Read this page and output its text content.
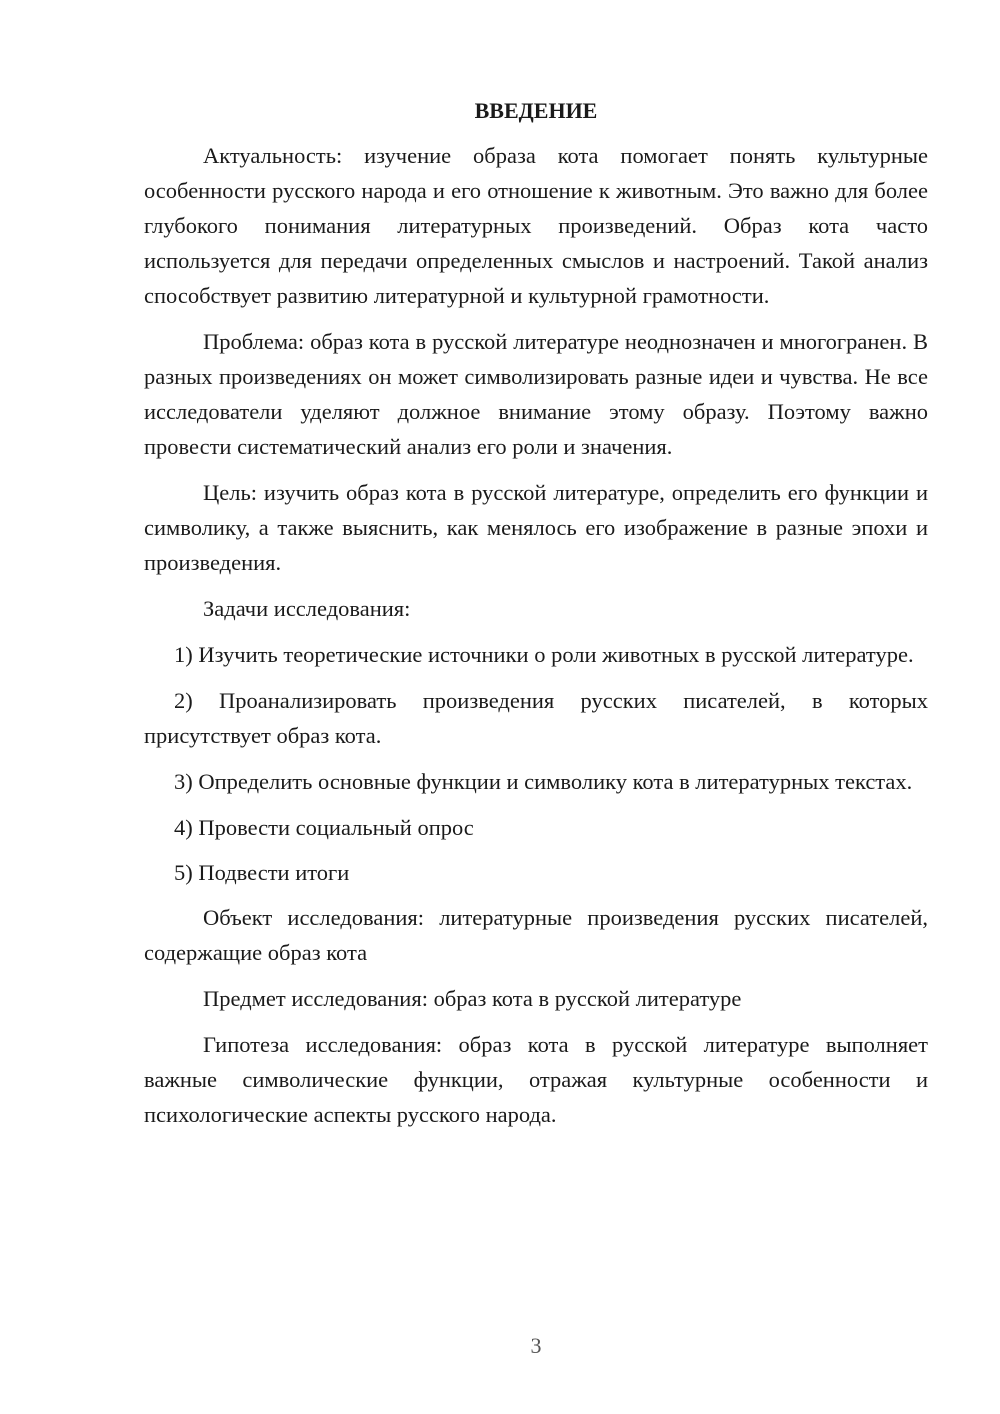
ВВЕДЕНИЕ

Актуальность: изучение образа кота помогает понять культурные особенности русского народа и его отношение к животным. Это важно для более глубокого понимания литературных произведений. Образ кота часто используется для передачи определенных смыслов и настроений. Такой анализ способствует развитию литературной и культурной грамотности.

Проблема: образ кота в русской литературе неоднозначен и многогранен. В разных произведениях он может символизировать разные идеи и чувства. Не все исследователи уделяют должное внимание этому образу. Поэтому важно провести систематический анализ его роли и значения.

Цель: изучить образ кота в русской литературе, определить его функции и символику, а также выяснить, как менялось его изображение в разные эпохи и произведения.

Задачи исследования:

1) Изучить теоретические источники о роли животных в русской литературе.

2) Проанализировать произведения русских писателей, в которых присутствует образ кота.

3) Определить основные функции и символику кота в литературных текстах.

4) Провести социальный опрос

5) Подвести итоги

Объект исследования: литературные произведения русских писателей, содержащие образ кота

Предмет исследования: образ кота в русской литературе

Гипотеза исследования: образ кота в русской литературе выполняет важные символические функции, отражая культурные особенности и психологические аспекты русского народа.

3
